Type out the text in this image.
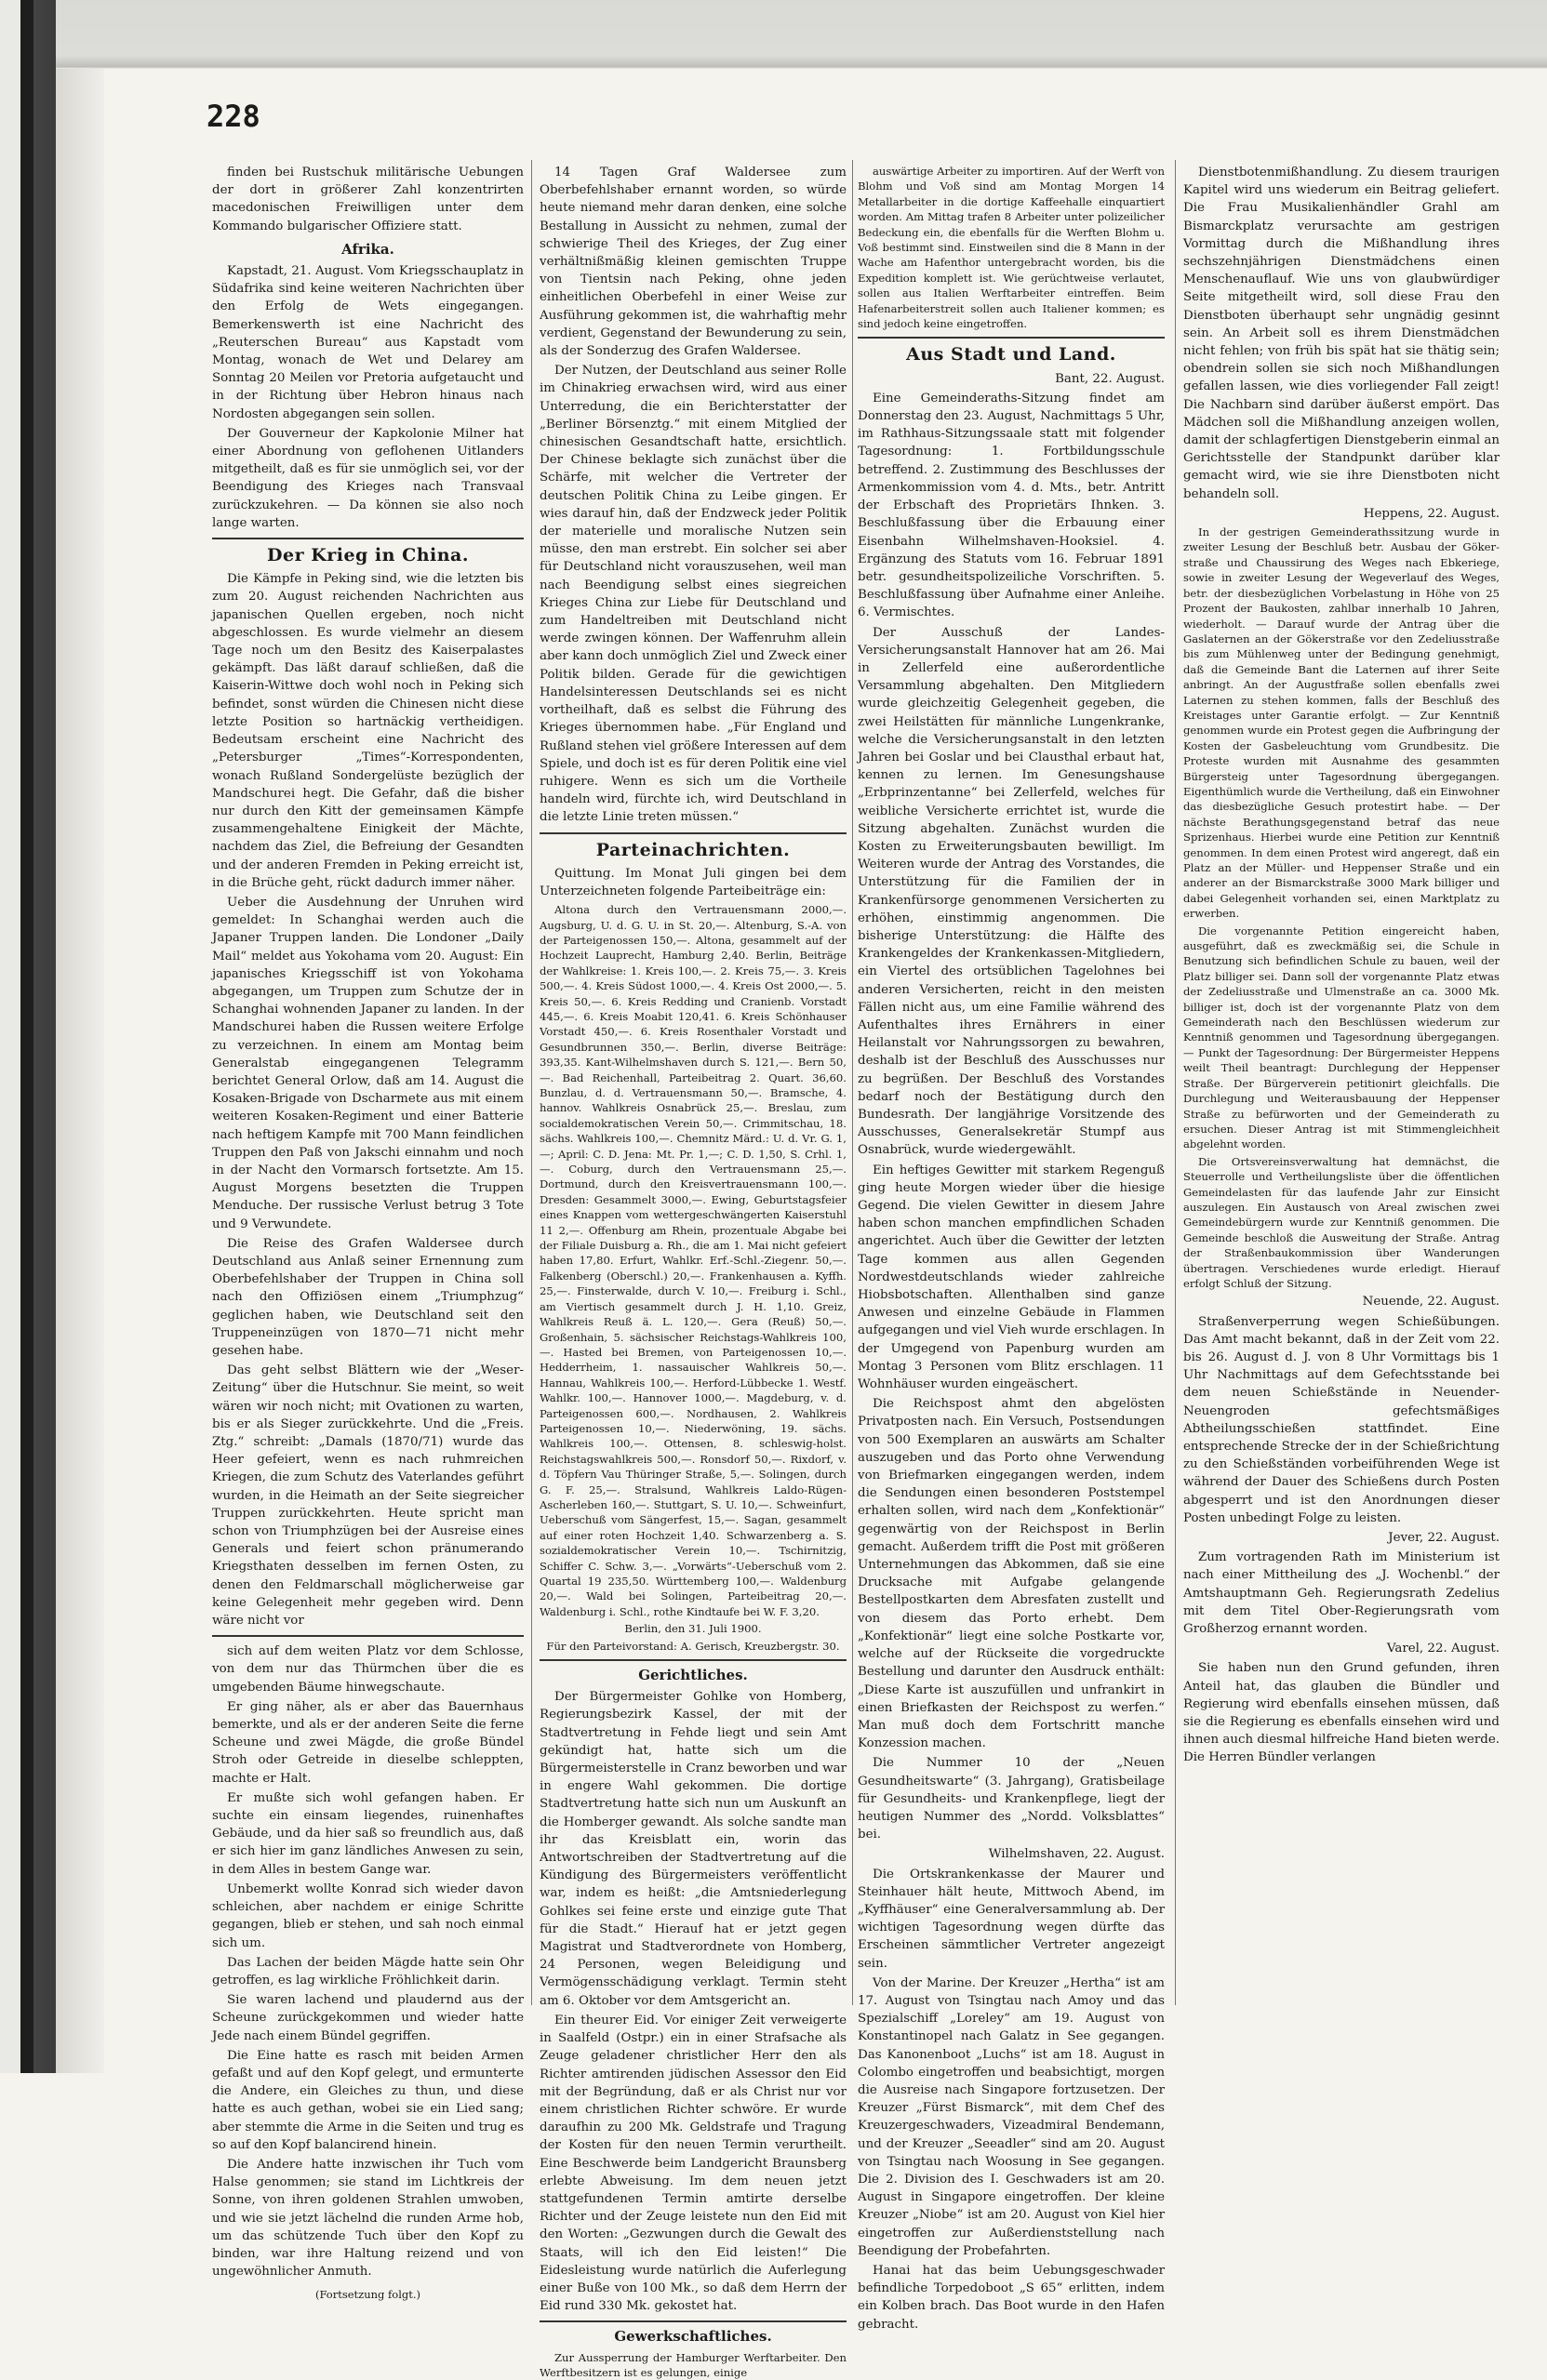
228

finden bei Rustschuk militärische Uebungen der dort in größerer Zahl konzentrirten macedonischen Freiwilligen unter dem Kommando bulgarischer Offiziere statt.

Afrika.

Kapstadt, 21. August. Vom Kriegsschauplatz in Südafrika sind keine weiteren Nachrichten über den Erfolg de Wets eingegangen. Bemerkenswerth ist eine Nachricht des „Reuterschen Bureau“ aus Kapstadt vom Montag, wonach de Wet und Delarey am Sonntag 20 Meilen vor Pretoria aufgetaucht und in der Richtung über Hebron hinaus nach Nordosten abgegangen sein sollen.

Der Gouverneur der Kapkolonie Milner hat einer Abordnung von geflohenen Uitlanders mitgetheilt, daß es für sie unmöglich sei, vor der Beendigung des Krieges nach Transvaal zurückzukehren. — Da können sie also noch lange warten.

Der Krieg in China.

Die Kämpfe in Peking sind, wie die letzten bis zum 20. August reichenden Nachrichten aus japanischen Quellen ergeben, noch nicht abgeschlossen. Es wurde vielmehr an diesem Tage noch um den Besitz des Kaiserpalastes gekämpft. Das läßt darauf schließen, daß die Kaiserin-Wittwe doch wohl noch in Peking sich befindet, sonst würden die Chinesen nicht diese letzte Position so hartnäckig vertheidigen. Bedeutsam erscheint eine Nachricht des „Petersburger „Times“-Korrespondenten, wonach Rußland Sondergelüste bezüglich der Mandschurei hegt. Die Gefahr, daß die bisher nur durch den Kitt der gemeinsamen Kämpfe zusammengehaltene Einigkeit der Mächte, nachdem das Ziel, die Befreiung der Gesandten und der anderen Fremden in Peking erreicht ist, in die Brüche geht, rückt dadurch immer näher.

Ueber die Ausdehnung der Unruhen wird gemeldet: In Schanghai werden auch die Japaner Truppen landen. Die Londoner „Daily Mail“ meldet aus Yokohama vom 20. August: Ein japanisches Kriegsschiff ist von Yokohama abgegangen, um Truppen zum Schutze der in Schanghai wohnenden Japaner zu landen. In der Mandschurei haben die Russen weitere Erfolge zu verzeichnen. In einem am Montag beim Generalstab eingegangenen Telegramm berichtet General Orlow, daß am 14. August die Kosaken-Brigade von Dscharmete aus mit einem weiteren Kosaken-Regiment und einer Batterie nach heftigem Kampfe mit 700 Mann feindlichen Truppen den Paß von Jakschi einnahm und noch in der Nacht den Vormarsch fortsetzte. Am 15. August Morgens besetzten die Truppen Menduche. Der russische Verlust betrug 3 Tote und 9 Verwundete.

Die Reise des Grafen Waldersee durch Deutschland aus Anlaß seiner Ernennung zum Oberbefehlshaber der Truppen in China soll nach den Offiziösen einem „Triumphzug“ geglichen haben, wie Deutschland seit den Truppeneinzügen von 1870—71 nicht mehr gesehen habe.

Das geht selbst Blättern wie der „Weser-Zeitung“ über die Hutschnur. Sie meint, so weit wären wir noch nicht; mit Ovationen zu warten, bis er als Sieger zurückkehrte. Und die „Freis. Ztg.“ schreibt: „Damals (1870/71) wurde das Heer gefeiert, wenn es nach ruhmreichen Kriegen, die zum Schutz des Vaterlandes geführt wurden, in die Heimath an der Seite siegreicher Truppen zurückkehrten. Heute spricht man schon von Triumphzügen bei der Ausreise eines Generals und feiert schon pränumerando Kriegsthaten desselben im fernen Osten, zu denen den Feldmarschall möglicherweise gar keine Gelegenheit mehr gegeben wird. Denn wäre nicht vor

sich auf dem weiten Platz vor dem Schlosse, von dem nur das Thürmchen über die es umgebenden Bäume hinwegschaute.

Er ging näher, als er aber das Bauernhaus bemerkte, und als er der anderen Seite die ferne Scheune und zwei Mägde, die große Bündel Stroh oder Getreide in dieselbe schleppten, machte er Halt.

Er mußte sich wohl gefangen haben. Er suchte ein einsam liegendes, ruinenhaftes Gebäude, und da hier saß so freundlich aus, daß er sich hier im ganz ländliches Anwesen zu sein, in dem Alles in bestem Gange war.

Unbemerkt wollte Konrad sich wieder davon schleichen, aber nachdem er einige Schritte gegangen, blieb er stehen, und sah noch einmal sich um.

Das Lachen der beiden Mägde hatte sein Ohr getroffen, es lag wirkliche Fröhlichkeit darin.

Sie waren lachend und plaudernd aus der Scheune zurückgekommen und wieder hatte Jede nach einem Bündel gegriffen.

Die Eine hatte es rasch mit beiden Armen gefaßt und auf den Kopf gelegt, und ermunterte die Andere, ein Gleiches zu thun, und diese hatte es auch gethan, wobei sie ein Lied sang; aber stemmte die Arme in die Seiten und trug es so auf den Kopf balancirend hinein.

Die Andere hatte inzwischen ihr Tuch vom Halse genommen; sie stand im Lichtkreis der Sonne, von ihren goldenen Strahlen umwoben, und wie sie jetzt lächelnd die runden Arme hob, um das schützende Tuch über den Kopf zu binden, war ihre Haltung reizend und von ungewöhnlicher Anmuth.

(Fortsetzung folgt.)

14 Tagen Graf Waldersee zum Oberbefehlshaber ernannt worden, so würde heute niemand mehr daran denken, eine solche Bestallung in Aussicht zu nehmen, zumal der schwierige Theil des Krieges, der Zug einer verhältnißmäßig kleinen gemischten Truppe von Tientsin nach Peking, ohne jeden einheitlichen Oberbefehl in einer Weise zur Ausführung gekommen ist, die wahrhaftig mehr verdient, Gegenstand der Bewunderung zu sein, als der Sonderzug des Grafen Waldersee.

Der Nutzen, der Deutschland aus seiner Rolle im Chinakrieg erwachsen wird, wird aus einer Unterredung, die ein Berichterstatter der „Berliner Börsenztg.“ mit einem Mitglied der chinesischen Gesandtschaft hatte, ersichtlich. Der Chinese beklagte sich zunächst über die Schärfe, mit welcher die Vertreter der deutschen Politik China zu Leibe gingen. Er wies darauf hin, daß der Endzweck jeder Politik der materielle und moralische Nutzen sein müsse, den man erstrebt. Ein solcher sei aber für Deutschland nicht vorauszusehen, weil man nach Beendigung selbst eines siegreichen Krieges China zur Liebe für Deutschland und zum Handeltreiben mit Deutschland nicht werde zwingen können. Der Waffenruhm allein aber kann doch unmöglich Ziel und Zweck einer Politik bilden. Gerade für die gewichtigen Handelsinteressen Deutschlands sei es nicht vortheilhaft, daß es selbst die Führung des Krieges übernommen habe. „Für England und Rußland stehen viel größere Interessen auf dem Spiele, und doch ist es für deren Politik eine viel ruhigere. Wenn es sich um die Vortheile handeln wird, fürchte ich, wird Deutschland in die letzte Linie treten müssen.“

Parteinachrichten.

Quittung. Im Monat Juli gingen bei dem Unterzeichneten folgende Parteibeiträge ein:

Altona durch den Vertrauensmann 2000,—. Augsburg, U. d. G. U. in St. 20,—. Altenburg, S.-A. von der Parteigenossen 150,—. Altona, gesammelt auf der Hochzeit Lauprecht, Hamburg 2,40. Berlin, Beiträge der Wahlkreise: 1. Kreis 100,—. 2. Kreis 75,—. 3. Kreis 500,—. 4. Kreis Südost 1000,—. 4. Kreis Ost 2000,—. 5. Kreis 50,—. 6. Kreis Redding und Cranienb. Vorstadt 445,—. 6. Kreis Moabit 120,41. 6. Kreis Schönhauser Vorstadt 450,—. 6. Kreis Rosenthaler Vorstadt und Gesundbrunnen 350,—. Berlin, diverse Beiträge: 393,35. Kant-Wilhelmshaven durch S. 121,—. Bern 50,—. Bad Reichenhall, Parteibeitrag 2. Quart. 36,60. Bunzlau, d. d. Vertrauensmann 50,—. Bramsche, 4. hannov. Wahlkreis Osnabrück 25,—. Breslau, zum socialdemokratischen Verein 50,—. Crimmitschau, 18. sächs. Wahlkreis 100,—. Chemnitz Märd.: U. d. Vr. G. 1,—; April: C. D. Jena: Mt. Pr. 1,—; C. D. 1,50, S. Crhl. 1,—. Coburg, durch den Vertrauensmann 25,—. Dortmund, durch den Kreisvertrauensmann 100,—. Dresden: Gesammelt 3000,—. Ewing, Geburtstagsfeier eines Knappen vom wettergeschwängerten Kaiserstuhl 11 2,—. Offenburg am Rhein, prozentuale Abgabe bei der Filiale Duisburg a. Rh., die am 1. Mai nicht gefeiert haben 17,80. Erfurt, Wahlkr. Erf.-Schl.-Ziegenr. 50,—. Falkenberg (Oberschl.) 20,—. Frankenhausen a. Kyffh. 25,—. Finsterwalde, durch V. 10,—. Freiburg i. Schl., am Viertisch gesammelt durch J. H. 1,10. Greiz, Wahlkreis Reuß ä. L. 120,—. Gera (Reuß) 50,—. Großenhain, 5. sächsischer Reichstags-Wahlkreis 100,—. Hasted bei Bremen, von Parteigenossen 10,—. Hedderrheim, 1. nassauischer Wahlkreis 50,—. Hannau, Wahlkreis 100,—. Herford-Lübbecke 1. Westf. Wahlkr. 100,—. Hannover 1000,—. Magdeburg, v. d. Parteigenossen 600,—. Nordhausen, 2. Wahlkreis Parteigenossen 10,—. Niederwöning, 19. sächs. Wahlkreis 100,—. Ottensen, 8. schleswig-holst. Reichstagswahlkreis 500,—. Ronsdorf 50,—. Rixdorf, v. d. Töpfern Vau Thüringer Straße, 5,—. Solingen, durch G. F. 25,—. Stralsund, Wahlkreis Laldo-Rügen-Ascherleben 160,—. Stuttgart, S. U. 10,—. Schweinfurt, Ueberschuß vom Sängerfest, 15,—. Sagan, gesammelt auf einer roten Hochzeit 1,40. Schwarzenberg a. S. sozialdemokratischer Verein 10,—. Tschirnitzig, Schiffer C. Schw. 3,—. „Vorwärts“-Ueberschuß vom 2. Quartal 19 235,50. Württemberg 100,—. Waldenburg 20,—. Wald bei Solingen, Parteibeitrag 20,—. Waldenburg i. Schl., rothe Kindtaufe bei W. F. 3,20.

Berlin, den 31. Juli 1900.

Für den Parteivorstand: A. Gerisch, Kreuzbergstr. 30.

Gerichtliches.

Der Bürgermeister Gohlke von Homberg, Regierungsbezirk Kassel, der mit der Stadtvertretung in Fehde liegt und sein Amt gekündigt hat, hatte sich um die Bürgermeisterstelle in Cranz beworben und war in engere Wahl gekommen. Die dortige Stadtvertretung hatte sich nun um Auskunft an die Homberger gewandt. Als solche sandte man ihr das Kreisblatt ein, worin das Antwortschreiben der Stadtvertretung auf die Kündigung des Bürgermeisters veröffentlicht war, indem es heißt: „die Amtsniederlegung Gohlkes sei feine erste und einzige gute That für die Stadt.“ Hierauf hat er jetzt gegen Magistrat und Stadtverordnete von Homberg, 24 Personen, wegen Beleidigung und Vermögensschädigung verklagt. Termin steht am 6. Oktober vor dem Amtsgericht an.

Ein theurer Eid. Vor einiger Zeit verweigerte in Saalfeld (Ostpr.) ein in einer Strafsache als Zeuge geladener christlicher Herr den als Richter amtirenden jüdischen Assessor den Eid mit der Begründung, daß er als Christ nur vor einem christlichen Richter schwöre. Er wurde daraufhin zu 200 Mk. Geldstrafe und Tragung der Kosten für den neuen Termin verurtheilt. Eine Beschwerde beim Landgericht Braunsberg erlebte Abweisung. Im dem neuen jetzt stattgefundenen Termin amtirte derselbe Richter und der Zeuge leistete nun den Eid mit den Worten: „Gezwungen durch die Gewalt des Staats, will ich den Eid leisten!“ Die Eidesleistung wurde natürlich die Auferlegung einer Buße von 100 Mk., so daß dem Herrn der Eid rund 330 Mk. gekostet hat.

Gewerkschaftliches.

Zur Aussperrung der Hamburger Werftarbeiter. Den Werftbesitzern ist es gelungen, einige

auswärtige Arbeiter zu importiren. Auf der Werft von Blohm und Voß sind am Montag Morgen 14 Metallarbeiter in die dortige Kaffeehalle einquartiert worden. Am Mittag trafen 8 Arbeiter unter polizeilicher Bedeckung ein, die ebenfalls für die Werften Blohm u. Voß bestimmt sind. Einstweilen sind die 8 Mann in der Wache am Hafenthor untergebracht worden, bis die Expedition komplett ist. Wie gerüchtweise verlautet, sollen aus Italien Werftarbeiter eintreffen. Beim Hafenarbeiterstreit sollen auch Italiener kommen; es sind jedoch keine eingetroffen.

Aus Stadt und Land.
Bant, 22. August.

Eine Gemeinderaths-Sitzung findet am Donnerstag den 23. August, Nachmittags 5 Uhr, im Rathhaus-Sitzungssaale statt mit folgender Tagesordnung: 1. Fortbildungsschule betreffend. 2. Zustimmung des Beschlusses der Armenkommission vom 4. d. Mts., betr. Antritt der Erbschaft des Proprietärs Ihnken. 3. Beschlußfassung über die Erbauung einer Eisenbahn Wilhelmshaven-Hooksiel. 4. Ergänzung des Statuts vom 16. Februar 1891 betr. gesundheitspolizeiliche Vorschriften. 5. Beschlußfassung über Aufnahme einer Anleihe. 6. Vermischtes.

Der Ausschuß der Landes-Versicherungsanstalt Hannover hat am 26. Mai in Zellerfeld eine außerordentliche Versammlung abgehalten. Den Mitgliedern wurde gleichzeitig Gelegenheit gegeben, die zwei Heilstätten für männliche Lungenkranke, welche die Versicherungsanstalt in den letzten Jahren bei Goslar und bei Clausthal erbaut hat, kennen zu lernen. Im Genesungshause „Erbprinzentanne“ bei Zellerfeld, welches für weibliche Versicherte errichtet ist, wurde die Sitzung abgehalten. Zunächst wurden die Kosten zu Erweiterungsbauten bewilligt. Im Weiteren wurde der Antrag des Vorstandes, die Unterstützung für die Familien der in Krankenfürsorge genommenen Versicherten zu erhöhen, einstimmig angenommen. Die bisherige Unterstützung: die Hälfte des Krankengeldes der Krankenkassen-Mitgliedern, ein Viertel des ortsüblichen Tagelohnes bei anderen Versicherten, reicht in den meisten Fällen nicht aus, um eine Familie während des Aufenthaltes ihres Ernährers in einer Heilanstalt vor Nahrungssorgen zu bewahren, deshalb ist der Beschluß des Ausschusses nur zu begrüßen. Der Beschluß des Vorstandes bedarf noch der Bestätigung durch den Bundesrath. Der langjährige Vorsitzende des Ausschusses, Generalsekretär Stumpf aus Osnabrück, wurde wiedergewählt.

Ein heftiges Gewitter mit starkem Regenguß ging heute Morgen wieder über die hiesige Gegend. Die vielen Gewitter in diesem Jahre haben schon manchen empfindlichen Schaden angerichtet. Auch über die Gewitter der letzten Tage kommen aus allen Gegenden Nordwestdeutschlands wieder zahlreiche Hiobsbotschaften. Allenthalben sind ganze Anwesen und einzelne Gebäude in Flammen aufgegangen und viel Vieh wurde erschlagen. In der Umgegend von Papenburg wurden am Montag 3 Personen vom Blitz erschlagen. 11 Wohnhäuser wurden eingeäschert.

Die Reichspost ahmt den abgelösten Privatposten nach. Ein Versuch, Postsendungen von 500 Exemplaren an auswärts am Schalter auszugeben und das Porto ohne Verwendung von Briefmarken eingegangen werden, indem die Sendungen einen besonderen Poststempel erhalten sollen, wird nach dem „Konfektionär“ gegenwärtig von der Reichspost in Berlin gemacht. Außerdem trifft die Post mit größeren Unternehmungen das Abkommen, daß sie eine Drucksache mit Aufgabe gelangende Bestellpostkarten dem Abresfaten zustellt und von diesem das Porto erhebt. Dem „Konfektionär“ liegt eine solche Postkarte vor, welche auf der Rückseite die vorgedruckte Bestellung und darunter den Ausdruck enthält: „Diese Karte ist auszufüllen und unfrankirt in einen Briefkasten der Reichspost zu werfen.“ Man muß doch dem Fortschritt manche Konzession machen.

Die Nummer 10 der „Neuen Gesundheitswarte“ (3. Jahrgang), Gratisbeilage für Gesundheits- und Krankenpflege, liegt der heutigen Nummer des „Nordd. Volksblattes“ bei.

Wilhelmshaven, 22. August.

Die Ortskrankenkasse der Maurer und Steinhauer hält heute, Mittwoch Abend, im „Kyffhäuser“ eine Generalversammlung ab. Der wichtigen Tagesordnung wegen dürfte das Erscheinen sämmtlicher Vertreter angezeigt sein.

Von der Marine. Der Kreuzer „Hertha“ ist am 17. August von Tsingtau nach Amoy und das Spezialschiff „Loreley“ am 19. August von Konstantinopel nach Galatz in See gegangen. Das Kanonenboot „Luchs“ ist am 18. August in Colombo eingetroffen und beabsichtigt, morgen die Ausreise nach Singapore fortzusetzen. Der Kreuzer „Fürst Bismarck“, mit dem Chef des Kreuzergeschwaders, Vizeadmiral Bendemann, und der Kreuzer „Seeadler“ sind am 20. August von Tsingtau nach Woosung in See gegangen. Die 2. Division des I. Geschwaders ist am 20. August in Singapore eingetroffen. Der kleine Kreuzer „Niobe“ ist am 20. August von Kiel hier eingetroffen zur Außerdienststellung nach Beendigung der Probefahrten.

Hanai hat das beim Uebungsgeschwader befindliche Torpedoboot „S 65“ erlitten, indem ein Kolben brach. Das Boot wurde in den Hafen gebracht.

Dienstbotenmißhandlung. Zu diesem traurigen Kapitel wird uns wiederum ein Beitrag geliefert. Die Frau Musikalienhändler Grahl am Bismarckplatz verursachte am gestrigen Vormittag durch die Mißhandlung ihres sechszehnjährigen Dienstmädchens einen Menschenauflauf. Wie uns von glaubwürdiger Seite mitgetheilt wird, soll diese Frau den Dienstboten überhaupt sehr ungnädig gesinnt sein. An Arbeit soll es ihrem Dienstmädchen nicht fehlen; von früh bis spät hat sie thätig sein; obendrein sollen sie sich noch Mißhandlungen gefallen lassen, wie dies vorliegender Fall zeigt! Die Nachbarn sind darüber äußerst empört. Das Mädchen soll die Mißhandlung anzeigen wollen, damit der schlagfertigen Dienstgeberin einmal an Gerichtsstelle der Standpunkt darüber klar gemacht wird, wie sie ihre Dienstboten nicht behandeln soll.

Heppens, 22. August.

In der gestrigen Gemeinderathssitzung wurde in zweiter Lesung der Beschluß betr. Ausbau der Göker-straße und Chaussirung des Weges nach Ebkeriege, sowie in zweiter Lesung der Wegeverlauf des Weges, betr. der diesbezüglichen Vorbelastung in Höhe von 25 Prozent der Baukosten, zahlbar innerhalb 10 Jahren, wiederholt. — Darauf wurde der Antrag über die Gaslaternen an der Gökerstraße vor den Zedeliusstraße bis zum Mühlenweg unter der Bedingung genehmigt, daß die Gemeinde Bant die Laternen auf ihrer Seite anbringt. An der Augustfraße sollen ebenfalls zwei Laternen zu stehen kommen, falls der Beschluß des Kreistages unter Garantie erfolgt. — Zur Kenntniß genommen wurde ein Protest gegen die Aufbringung der Kosten der Gasbeleuchtung vom Grundbesitz. Die Proteste wurden mit Ausnahme des gesammten Bürgersteig unter Tagesordnung übergegangen. Eigenthümlich wurde die Vertheilung, daß ein Einwohner das diesbezügliche Gesuch protestirt habe. — Der nächste Berathungsgegenstand betraf das neue Sprizenhaus. Hierbei wurde eine Petition zur Kenntniß genommen. In dem einen Protest wird angeregt, daß ein Platz an der Müller- und Heppenser Straße und ein anderer an der Bismarckstraße 3000 Mark billiger und dabei Gelegenheit vorhanden sei, einen Marktplatz zu erwerben.

Die vorgenannte Petition eingereicht haben, ausgeführt, daß es zweckmäßig sei, die Schule in Benutzung sich befindlichen Schule zu bauen, weil der Platz billiger sei. Dann soll der vorgenannte Platz etwas der Zedeliusstraße und Ulmenstraße an ca. 3000 Mk. billiger ist, doch ist der vorgenannte Platz von dem Gemeinderath nach den Beschlüssen wiederum zur Kenntniß genommen und Tagesordnung übergegangen. — Punkt der Tagesordnung: Der Bürgermeister Heppens weilt Theil beantragt: Durchlegung der Heppenser Straße. Der Bürgerverein petitionirt gleichfalls. Die Durchlegung und Weiterausbauung der Heppenser Straße zu befürworten und der Gemeinderath zu ersuchen. Dieser Antrag ist mit Stimmengleichheit abgelehnt worden.

Die Ortsvereinsverwaltung hat demnächst, die Steuerrolle und Vertheilungsliste über die öffentlichen Gemeindelasten für das laufende Jahr zur Einsicht auszulegen. Ein Austausch von Areal zwischen zwei Gemeindebürgern wurde zur Kenntniß genommen. Die Gemeinde beschloß die Ausweitung der Straße. Antrag der Straßenbaukommission über Wanderungen übertragen. Verschiedenes wurde erledigt. Hierauf erfolgt Schluß der Sitzung.

Neuende, 22. August.

Straßenverperrung wegen Schießübungen. Das Amt macht bekannt, daß in der Zeit vom 22. bis 26. August d. J. von 8 Uhr Vormittags bis 1 Uhr Nachmittags auf dem Gefechtsstande bei dem neuen Schießstände in Neuender-Neuengroden gefechtsmäßiges Abtheilungsschießen stattfindet. Eine entsprechende Strecke der in der Schießrichtung zu den Schießständen vorbeiführenden Wege ist während der Dauer des Schießens durch Posten abgesperrt und ist den Anordnungen dieser Posten unbedingt Folge zu leisten.

Jever, 22. August.

Zum vortragenden Rath im Ministerium ist nach einer Mittheilung des „J. Wochenbl.“ der Amtshauptmann Geh. Regierungsrath Zedelius mit dem Titel Ober-Regierungsrath vom Großherzog ernannt worden.

Varel, 22. August.

Sie haben nun den Grund gefunden, ihren Anteil hat, das glauben die Bündler und Regierung wird ebenfalls einsehen müssen, daß sie die Regierung es ebenfalls einsehen wird und ihnen auch diesmal hilfreiche Hand bieten werde. Die Herren Bündler verlangen
